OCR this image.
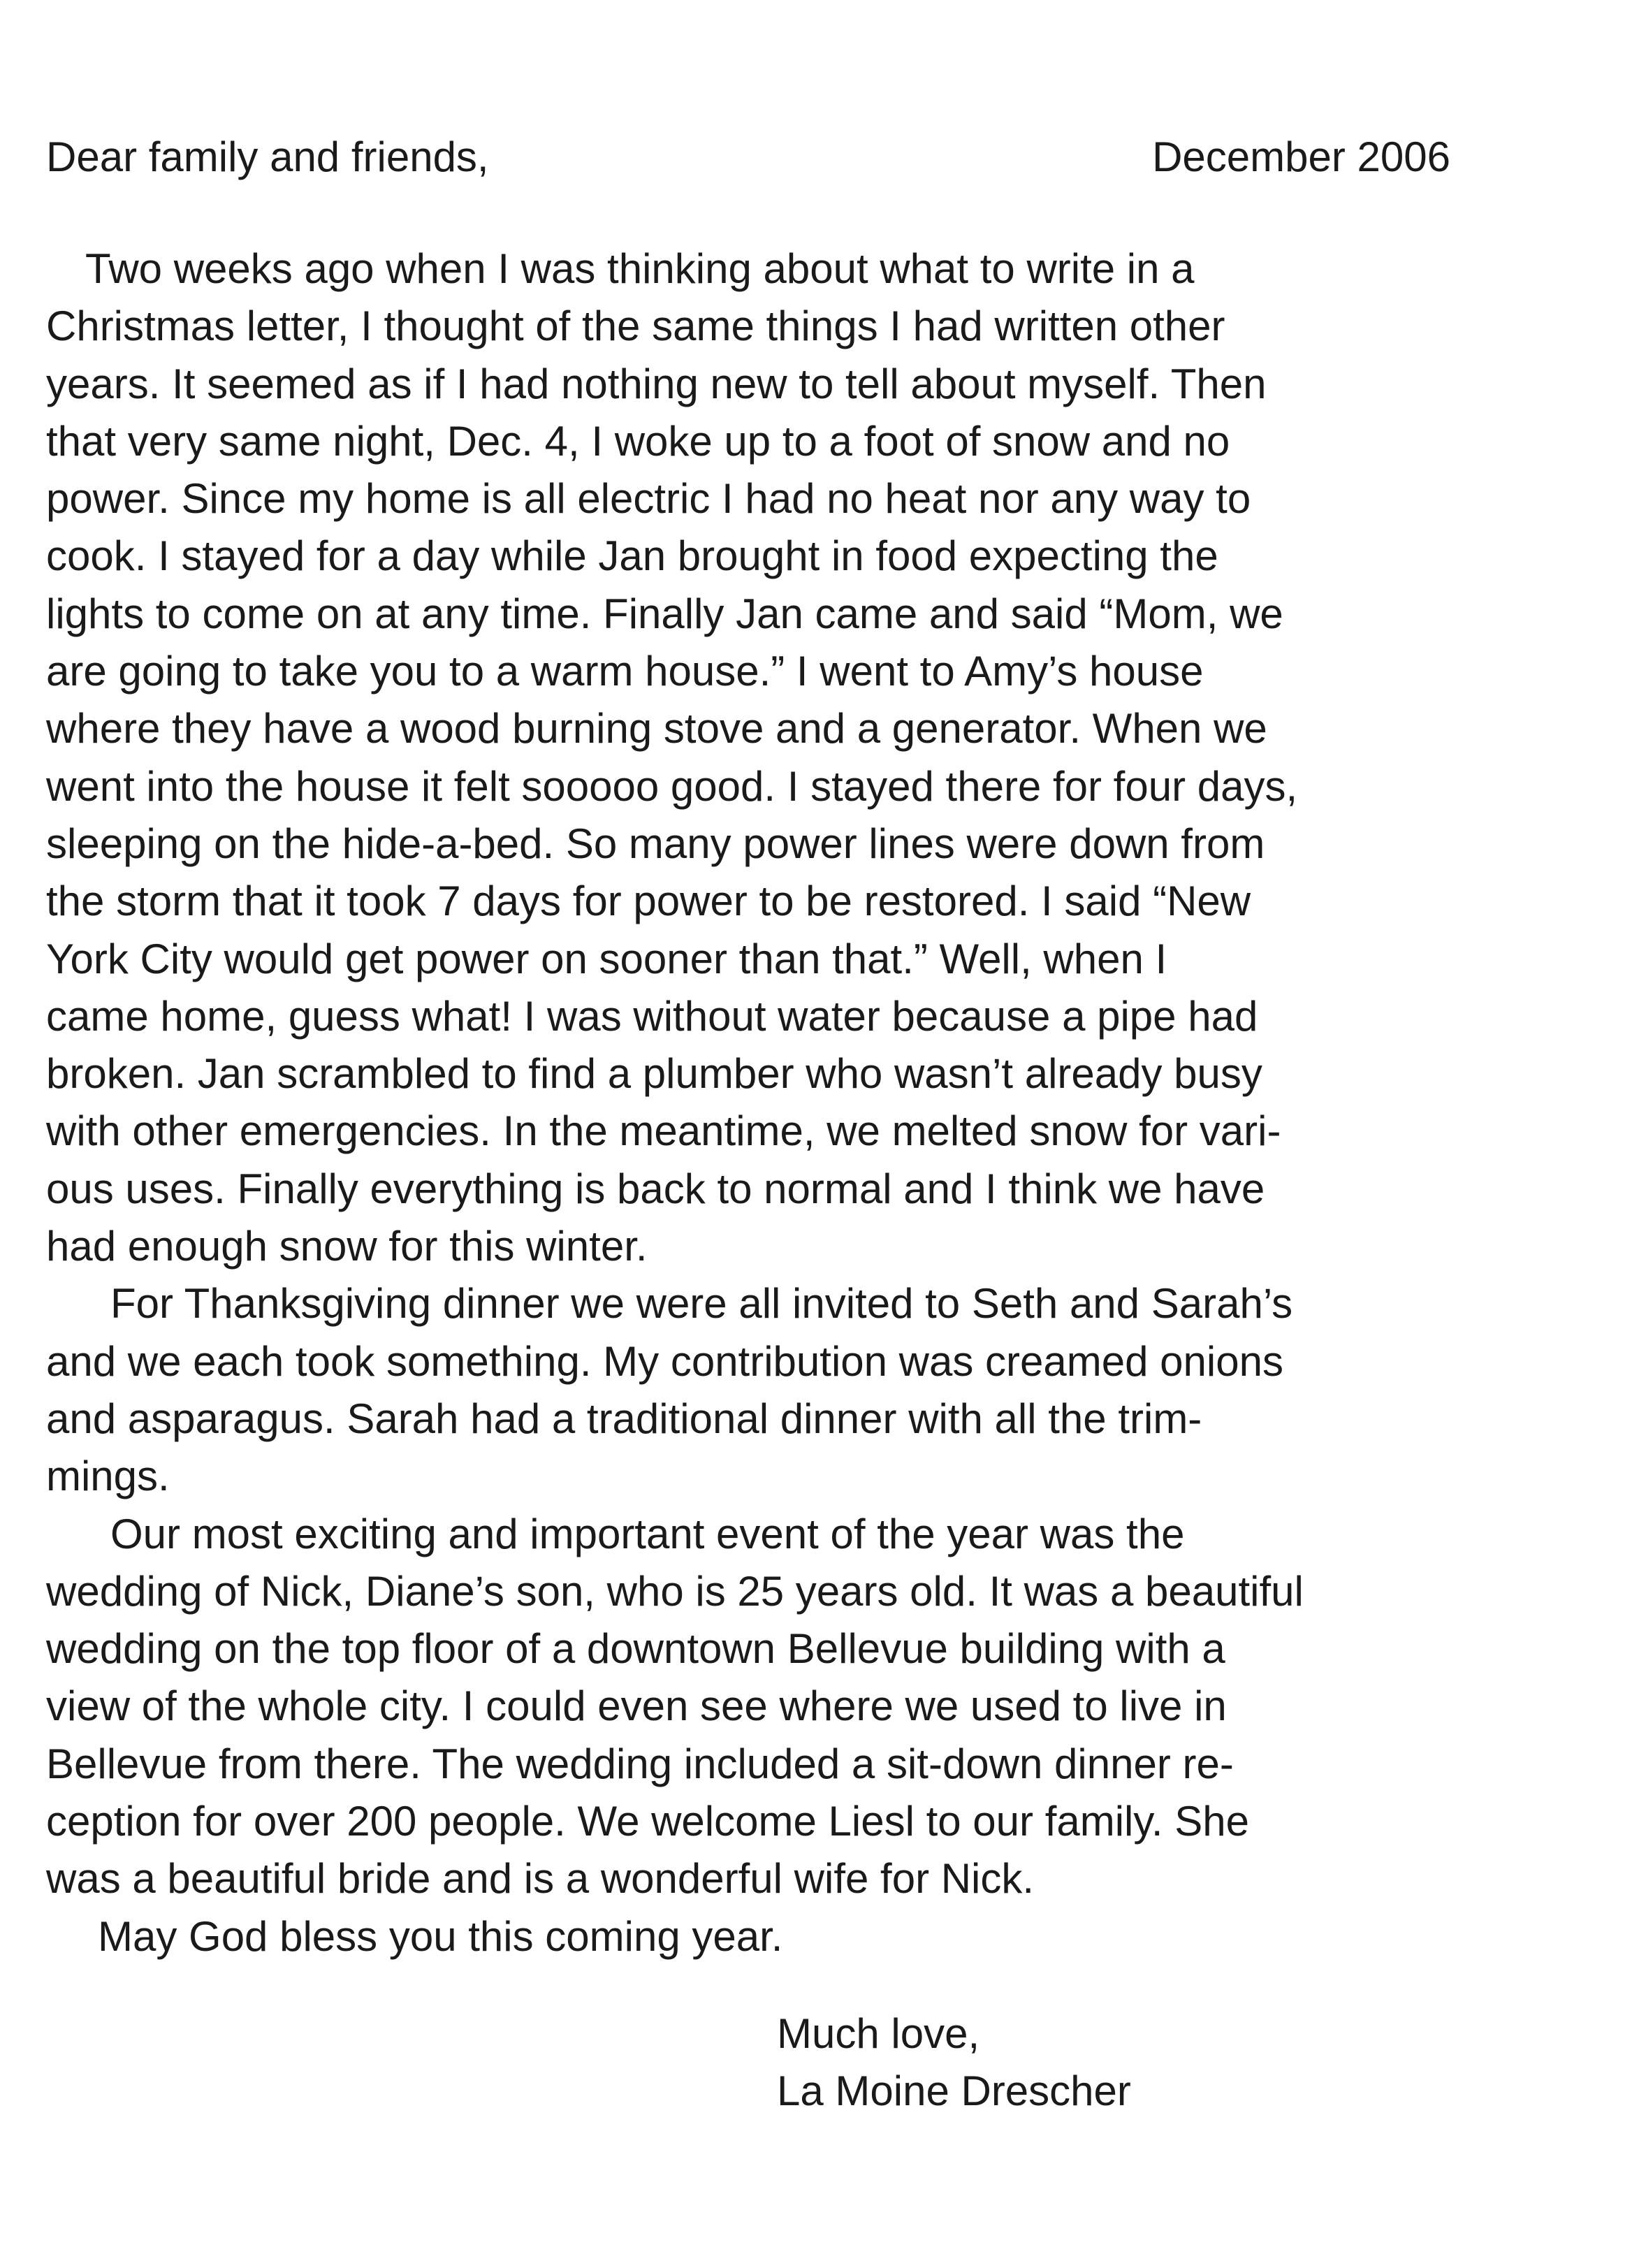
Dear family and friends,	December 2006
Two weeks ago when I was thinking about what to write in a
Christmas letter, I thought of the same things I had written other
years. It seemed as if I had nothing new to tell about myself. Then
that very same night, Dec. 4, I woke up to a foot of snow and no
power. Since my home is all electric I had no heat nor any way to
cook. I stayed for a day while Jan brought in food expecting the
lights to come on at any time. Finally Jan came and said “Mom, we
are going to take you to a warm house.” I went to Amy’s house
where they have a wood burning stove and a generator. When we
went into the house it felt sooooo good. I stayed there for four days,
sleeping on the hide-a-bed. So many power lines were down from
the storm that it took 7 days for power to be restored. I said “New
York City would get power on sooner than that.” Well, when I
came home, guess what! I was without water because a pipe had
broken. Jan scrambled to find a plumber who wasn’t already busy
with other emergencies. In the meantime, we melted snow for vari-
ous uses. Finally everything is back to normal and I think we have
had enough snow for this winter.
For Thanksgiving dinner we were all invited to Seth and Sarah’s
and we each took something. My contribution was creamed onions
and asparagus. Sarah had a traditional dinner with all the trim-
mings.
Our most exciting and important event of the year was the
wedding of Nick, Diane’s son, who is 25 years old. It was a beautiful
wedding on the top floor of a downtown Bellevue building with a
view of the whole city. I could even see where we used to live in
Bellevue from there. The wedding included a sit-down dinner re-
ception for over 200 people. We welcome Liesl to our family. She
was a beautiful bride and is a wonderful wife for Nick.
May God bless you this coming year.
Much love,
La Moine Drescher
